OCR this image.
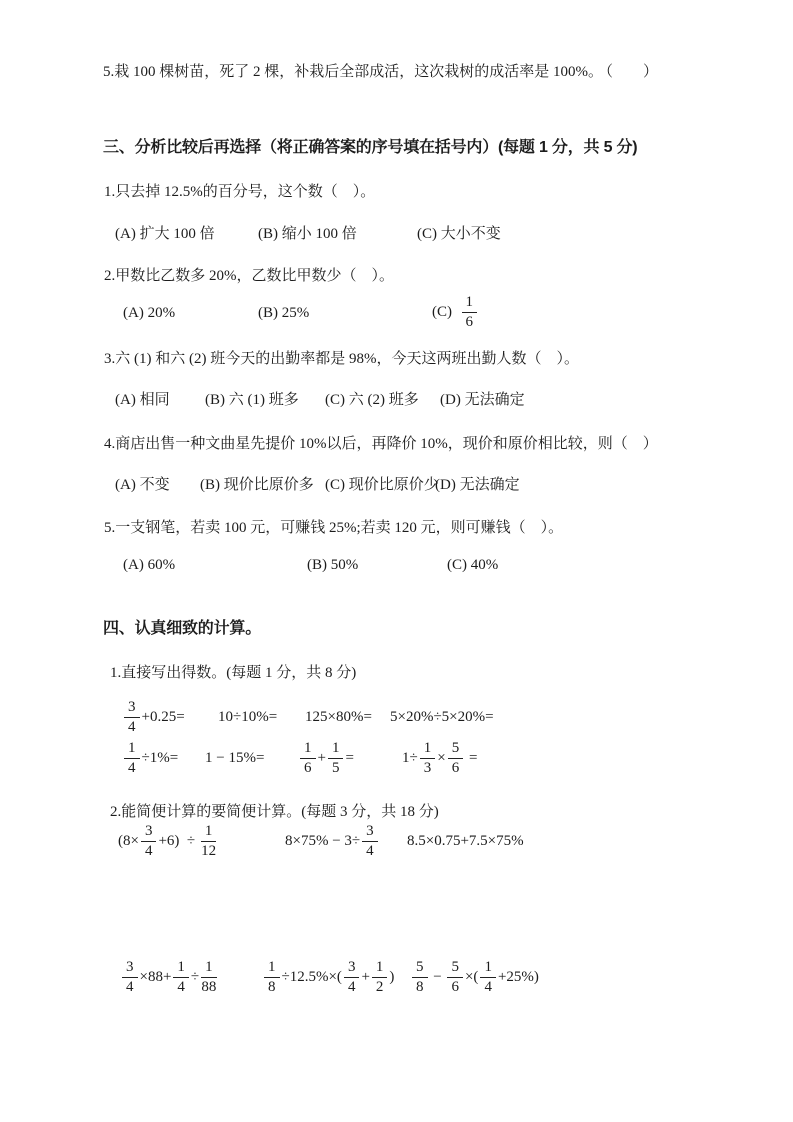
5.栽 100 棵树苗，死了 2 棵，补栽后全部成活，这次栽树的成活率是 100%。
（　　）
三、分析比较后再选择（将正确答案的序号填在括号内）(每题 1 分，共 5 分)
1.只去掉 12.5%的百分号，这个数（　）。
(A) 扩大 100 倍	(B) 缩小 100 倍	(C) 大小不变
2.甲数比乙数多 20%，乙数比甲数少（　）。
(A) 20%	(B) 25%	$(C) \frac{1}{6}$
3.六 (1) 和六 (2) 班今天的出勤率都是 98%，今天这两班出勤人数（　）。
(A) 相同 (B) 六 (1) 班多 (C) 六 (2) 班多 (D) 无法确定
4.商店出售一种文曲星先提价 10%以后，再降价 10%，现价和原价相比较，则（　）
(A) 不变 (B) 现价比原价多 (C) 现价比原价少
(D) 无法确定
5.一支钢笔，若卖 100 元，可赚钱 25%;若卖 120 元，则可赚钱（　）。
(A) 60%	(B) 50%	(C) 40%
四、认真细致的计算。
1.直接写出得数。(每题 1 分，共 8 分)
$\frac{3}{4} +0.25= 10\div 10\%= 125\times 80\%= 5\times 20\%\div 5\times 20\%=$
$\frac{1}{4} \div 1\%= 1 - 15\%= \frac{1}{6} + \frac{1}{5}$ =	$1\div \frac{1}{3} \times \frac{5}{6}$ =
2.能简便计算的要简便计算。(每题 3 分，共 18 分)
$(8\times \frac{3}{4} +6) \div \frac{1}{12}$	$8\times 75\% - 3\div \frac{3}{4} 8.5\times 0.75+7.5\times 75\%$
$\frac{3}{4} \times 88+ \frac{1}{4} \div \frac{1}{88}$	$\frac{1}{8} \div 12.5\%\times( \frac{3}{4} + \frac{1}{2}$ ) $\frac{5}{8} - \frac{5}{6}$ ×( $\frac{1}{4} +25\%$)
